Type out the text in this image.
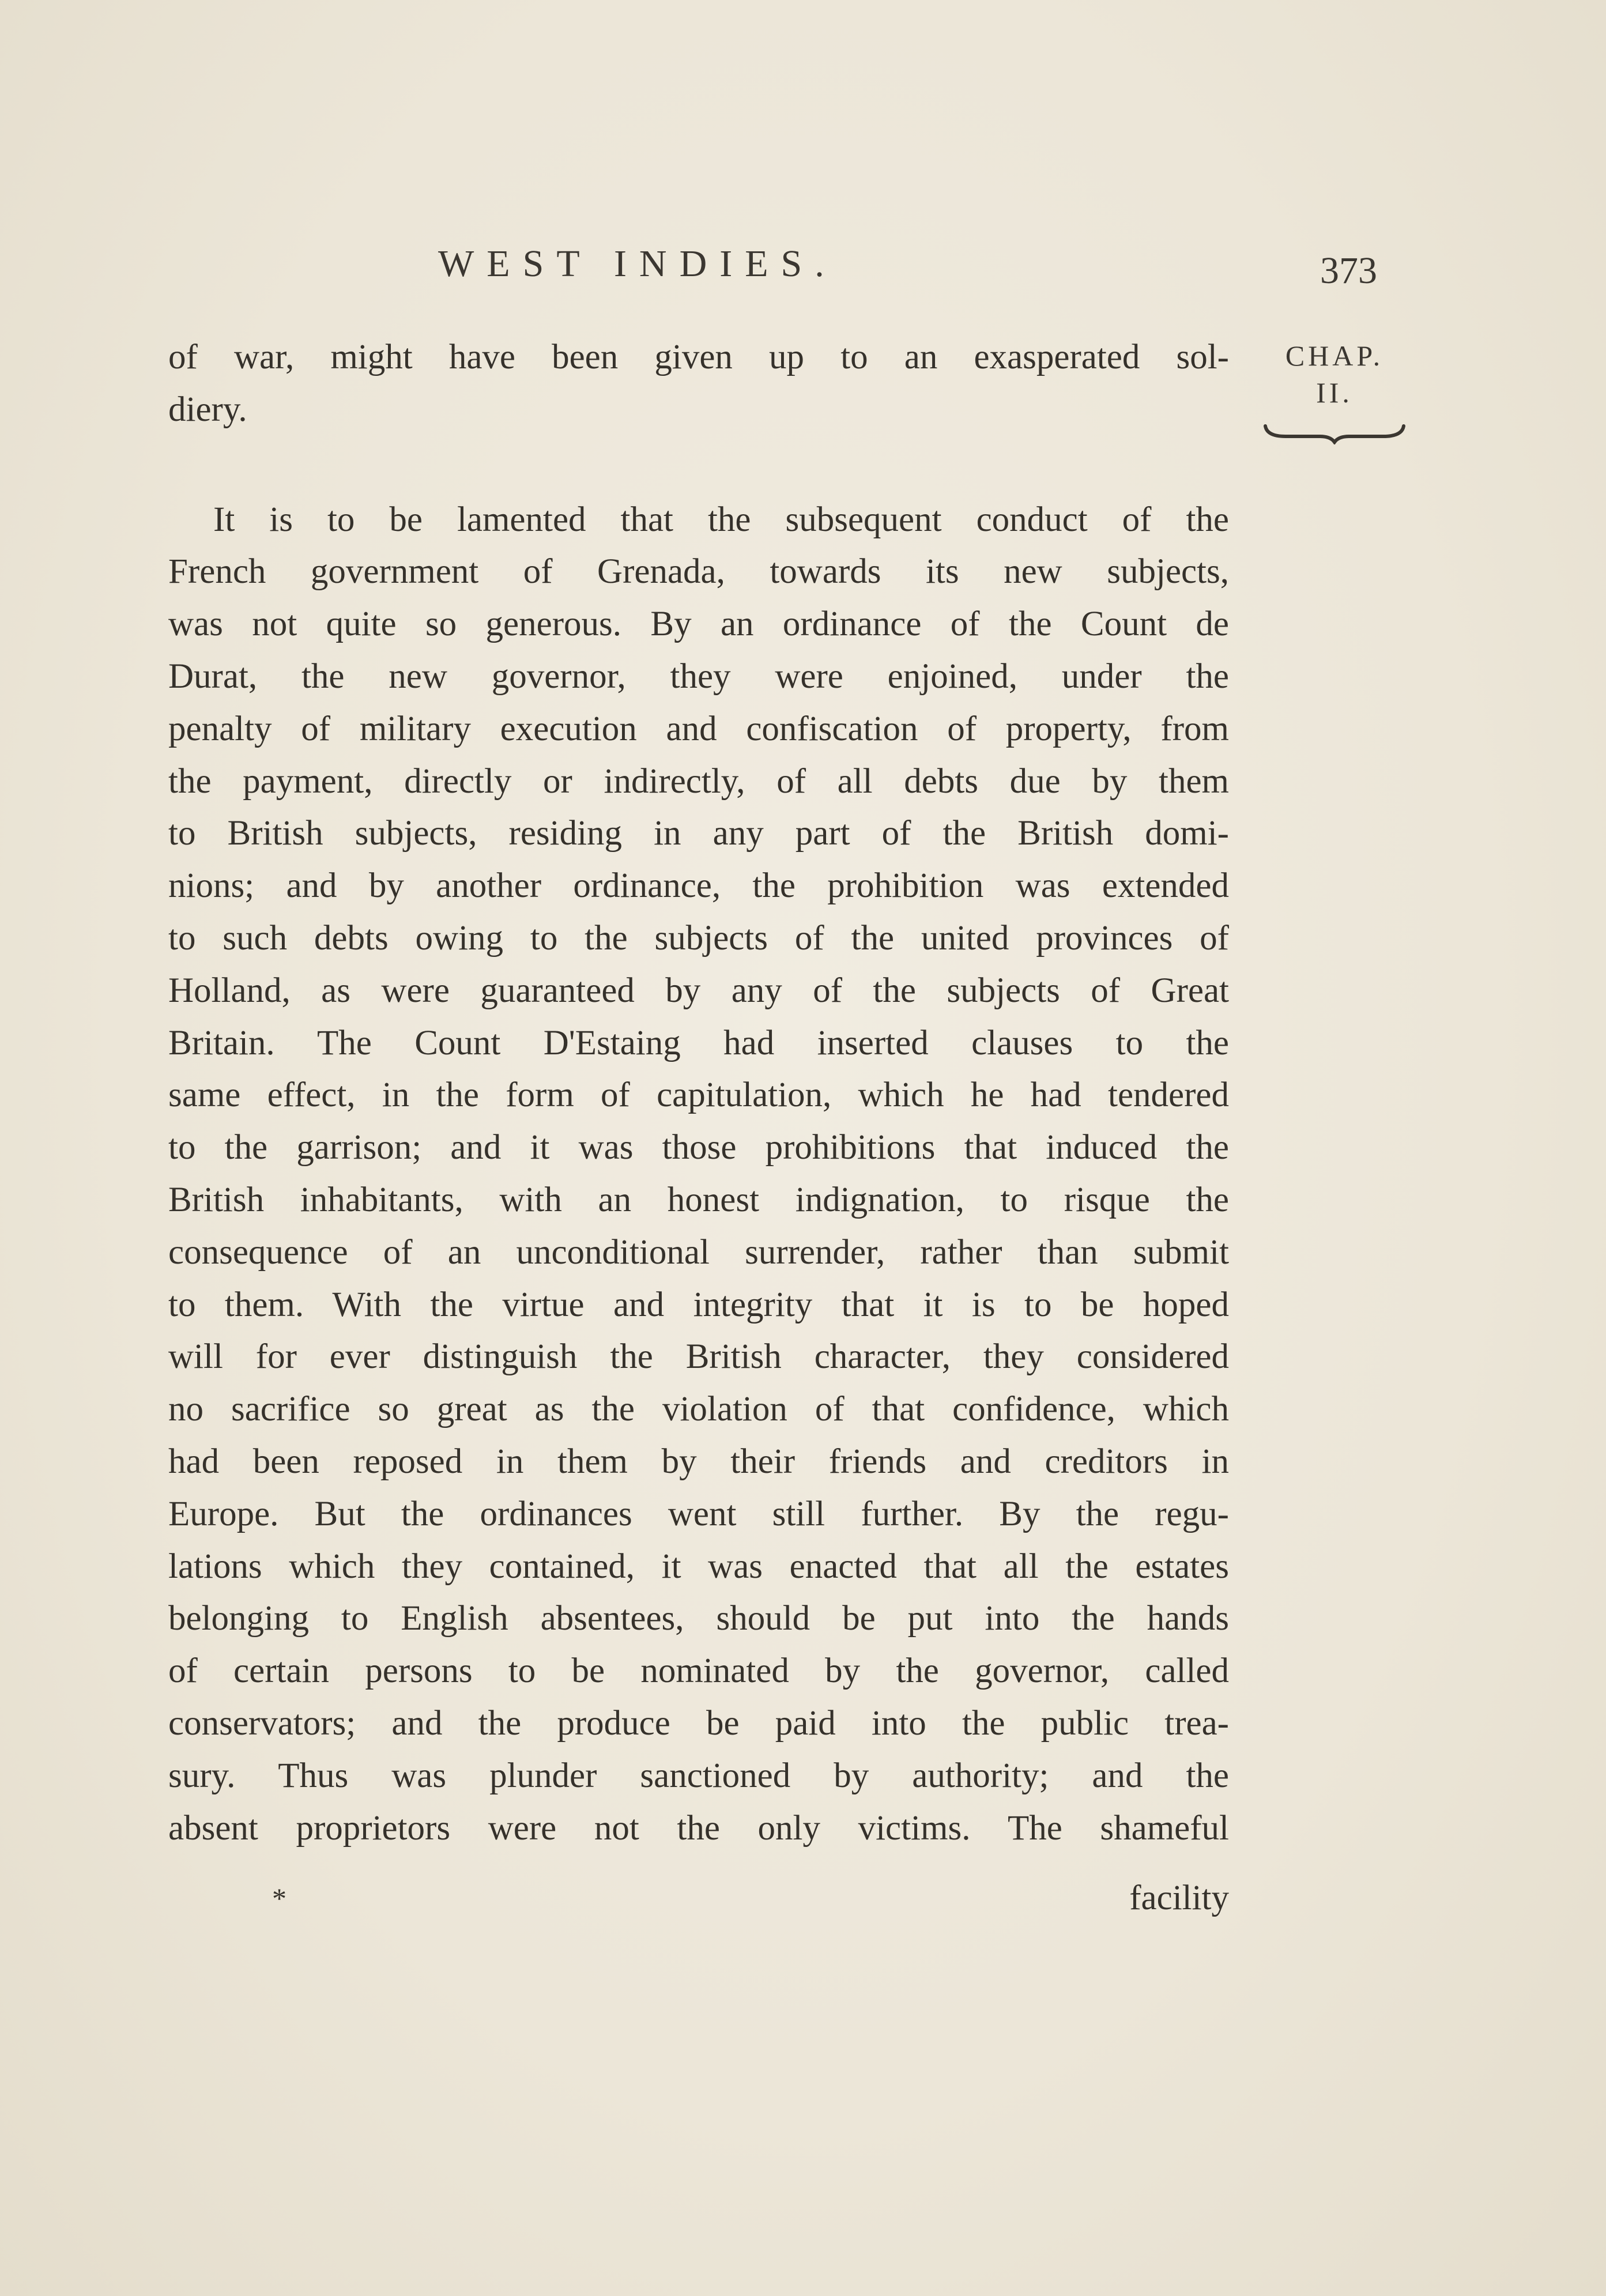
WEST INDIES.	373
CHAP.
II.
of war, might have been given up to an exasperated sol-
diery.
It is to be lamented that the subsequent conduct of the
French government of Grenada, towards its new subjects,
was not quite so generous. By an ordinance of the Count de
Durat, the new governor, they were enjoined, under the
penalty of military execution and confiscation of property, from
the payment, directly or indirectly, of all debts due by them
to British subjects, residing in any part of the British domi-
nions; and by another ordinance, the prohibition was extended
to such debts owing to the subjects of the united provinces of
Holland, as were guaranteed by any of the subjects of Great
Britain. The Count D'Estaing had inserted clauses to the
same effect, in the form of capitulation, which he had tendered
to the garrison; and it was those prohibitions that induced the
British inhabitants, with an honest indignation, to risque the
consequence of an unconditional surrender, rather than submit
to them. With the virtue and integrity that it is to be hoped
will for ever distinguish the British character, they considered
no sacrifice so great as the violation of that confidence, which
had been reposed in them by their friends and creditors in
Europe. But the ordinances went still further. By the regu-
lations which they contained, it was enacted that all the estates
belonging to English absentees, should be put into the hands
of certain persons to be nominated by the governor, called
conservators; and the produce be paid into the public trea-
sury. Thus was plunder sanctioned by authority; and the
absent proprietors were not the only victims. The shameful
*	facility
